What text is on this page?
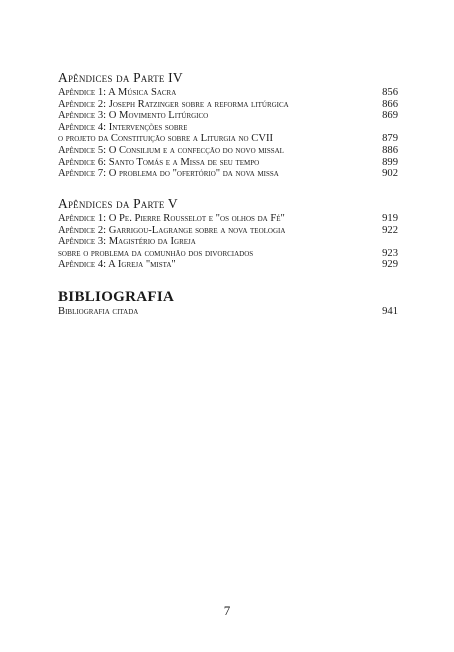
Apêndices da Parte IV
Apêndice 1: A Música Sacra	856
Apêndice 2: Joseph Ratzinger sobre a reforma litúrgica	866
Apêndice 3: O Movimento Litúrgico	869
Apêndice 4: Intervenções sobre
o projeto da Constituição sobre a Liturgia no CVII	879
Apêndice 5: O Consilium e a confecção do novo missal	886
Apêndice 6: Santo Tomás e a Missa de seu tempo	899
Apêndice 7: O problema do "ofertório" da nova missa	902
Apêndices da Parte V
Apêndice 1: O Pe. Pierre Rousselot e "os olhos da Fé"	919
Apêndice 2: Garrigou-Lagrange sobre a nova teologia	922
Apêndice 3: Magistério da Igreja
sobre o problema da comunhão dos divorciados	923
Apêndice 4: A Igreja "mista"	929
BIBLIOGRAFIA
Bibliografia citada	941
7
